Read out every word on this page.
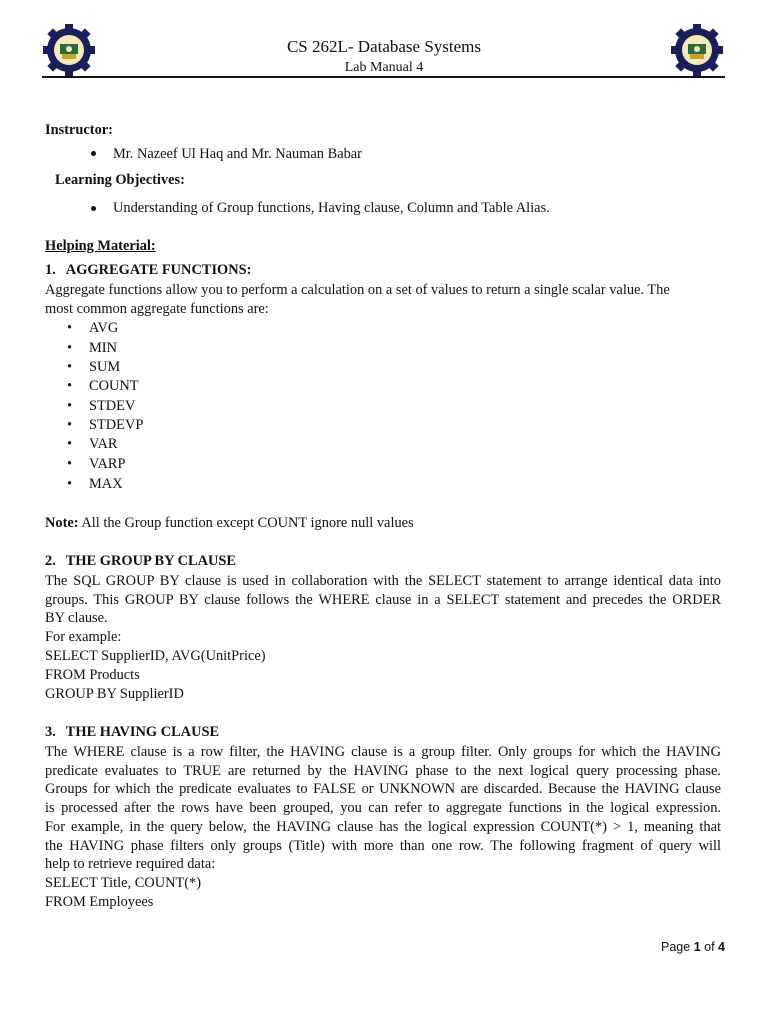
CS 262L- Database Systems
Lab Manual 4
Instructor:
Mr. Nazeef Ul Haq and Mr. Nauman Babar
Learning Objectives:
Understanding of Group functions, Having clause, Column and Table Alias.
Helping Material:
1. AGGREGATE FUNCTIONS:
Aggregate functions allow you to perform a calculation on a set of values to return a single scalar value. The
most common aggregate functions are:
• AVG
• MIN
• SUM
• COUNT
• STDEV
• STDEVP
• VAR
• VARP
• MAX
Note: All the Group function except COUNT ignore null values
2. THE GROUP BY CLAUSE

The SQL GROUP BY clause is used in collaboration with the SELECT statement to arrange identical data into

groups. This GROUP BY clause follows the WHERE clause in a SELECT statement and precedes the ORDER

BY clause.

For example:
SELECT SupplierID, AVG(UnitPrice)
FROM Products
GROUP BY SupplierID
3. THE HAVING CLAUSE

The WHERE clause is a row filter, the HAVING clause is a group filter. Only groups for which the HAVING

predicate evaluates to TRUE are returned by the HAVING phase to the next logical query processing phase.

Groups for which the predicate evaluates to FALSE or UNKNOWN are discarded. Because the HAVING clause

is processed after the rows have been grouped, you can refer to aggregate functions in the logical expression.

For example, in the query below, the HAVING clause has the logical expression COUNT(*) > 1, meaning that

the HAVING phase filters only groups (Title) with more than one row. The following fragment of query will

help to retrieve required data:

SELECT Title, COUNT(*)
FROM Employees
Page 1 of 4
